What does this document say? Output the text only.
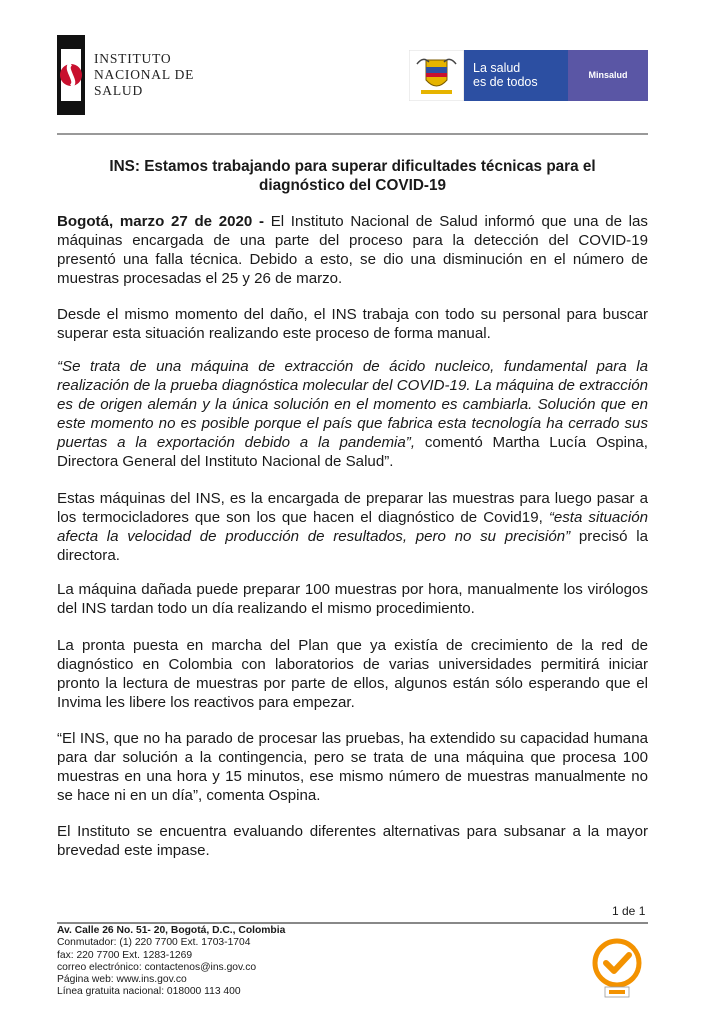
INSTITUTO
NACIONAL DE
SALUD
La salud
es de todos	Minsalud
INS: Estamos trabajando para superar dificultades técnicas para el
diagnóstico del COVID-19
Bogotá, marzo 27 de 2020 - El Instituto Nacional de Salud informó que una de las máquinas encargada de una parte del proceso para la detección del COVID-19 presentó una falla técnica. Debido a esto, se dio una disminución en el número de muestras procesadas el 25 y 26 de marzo.
Desde el mismo momento del daño, el INS trabaja con todo su personal para buscar superar esta situación realizando este proceso de forma manual.
“Se trata de una máquina de extracción de ácido nucleico, fundamental para la realización de la prueba diagnóstica molecular del COVID-19. La máquina de extracción es de origen alemán y la única solución en el momento es cambiarla. Solución que en este momento no es posible porque el país que fabrica esta tecnología ha cerrado sus puertas a la exportación debido a la pandemia”, comentó Martha Lucía Ospina, Directora General del Instituto Nacional de Salud”.
Estas máquinas del INS, es la encargada de preparar las muestras para luego pasar a los termocicladores que son los que hacen el diagnóstico de Covid19, “esta situación afecta la velocidad de producción de resultados, pero no su precisión” precisó la directora.
La máquina dañada puede preparar 100 muestras por hora, manualmente los virólogos del INS tardan todo un día realizando el mismo procedimiento.
La pronta puesta en marcha del Plan que ya existía de crecimiento de la red de diagnóstico en Colombia con laboratorios de varias universidades permitirá iniciar pronto la lectura de muestras por parte de ellos, algunos están sólo esperando que el Invima les libere los reactivos para empezar.
“El INS, que no ha parado de procesar las pruebas, ha extendido su capacidad humana para dar solución a la contingencia, pero se trata de una máquina que procesa 100 muestras en una hora y 15 minutos, ese mismo número de muestras manualmente no se hace ni en un día”, comenta Ospina.
El Instituto se encuentra evaluando diferentes alternativas para subsanar a la mayor brevedad este impase.
1 de 1
Av. Calle 26 No. 51- 20, Bogotá, D.C., Colombia
Conmutador: (1) 220 7700 Ext. 1703-1704
fax: 220 7700 Ext. 1283-1269
correo electrónico: contactenos@ins.gov.co
Página web: www.ins.gov.co
Línea gratuita nacional: 018000 113 400
